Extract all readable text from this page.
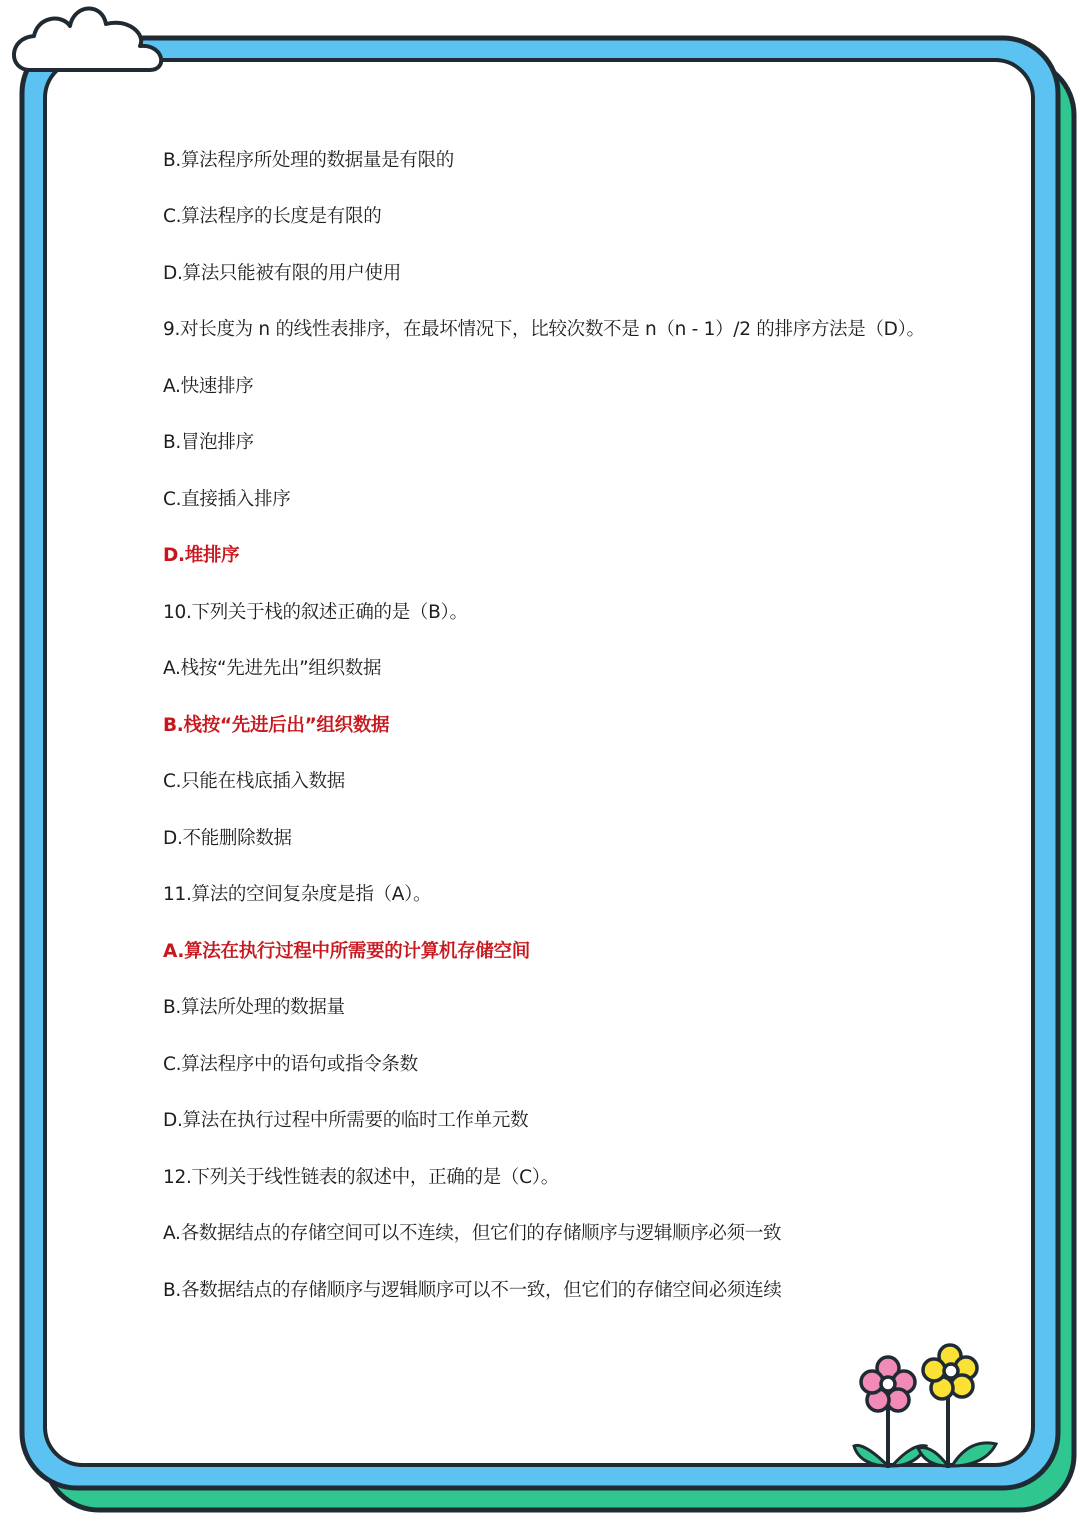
B.算法程序所处理的数据量是有限的
C.算法程序的长度是有限的
D.算法只能被有限的用户使用
9.对长度为 n 的线性表排序，在最坏情况下，比较次数不是 n（n - 1）/2 的排序方法是（D）。
A.快速排序
B.冒泡排序
C.直接插入排序
D.堆排序
10.下列关于栈的叙述正确的是（B）。
A.栈按“先进先出”组织数据
B.栈按“先进后出”组织数据
C.只能在栈底插入数据
D.不能删除数据
11.算法的空间复杂度是指（A）。
A.算法在执行过程中所需要的计算机存储空间
B.算法所处理的数据量
C.算法程序中的语句或指令条数
D.算法在执行过程中所需要的临时工作单元数
12.下列关于线性链表的叙述中，正确的是（C）。
A.各数据结点的存储空间可以不连续，但它们的存储顺序与逻辑顺序必须一致
B.各数据结点的存储顺序与逻辑顺序可以不一致，但它们的存储空间必须连续
